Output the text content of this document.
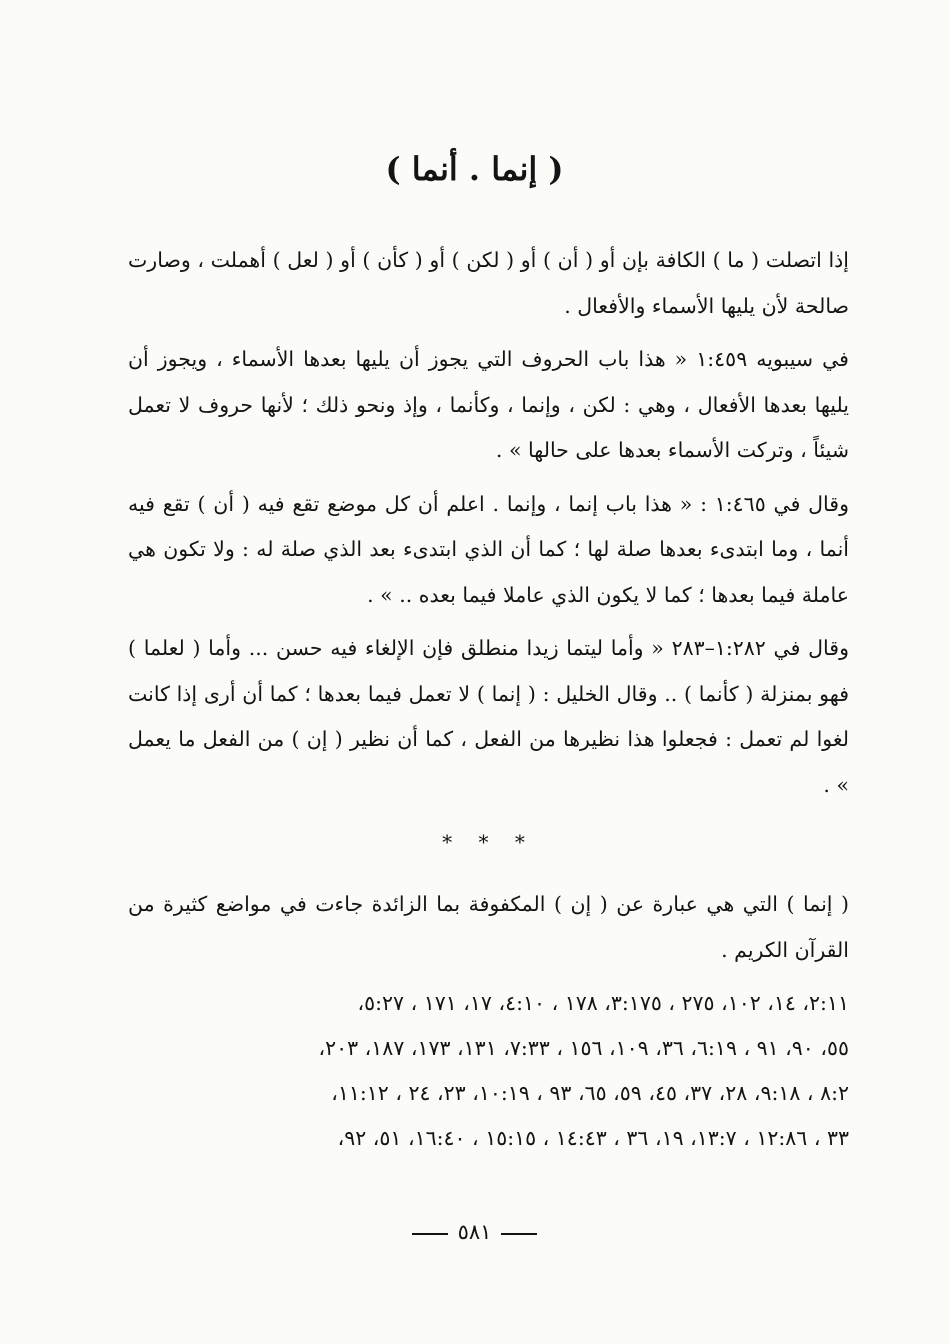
( إنما . أنما )

إذا اتصلت ( ما ) الكافة بإن أو ( أن ) أو ( لكن ) أو ( كأن ) أو ( لعل ) أهملت ، وصارت صالحة لأن يليها الأسماء والأفعال .

في سيبويه ١:٤٥٩ « هذا باب الحروف التي يجوز أن يليها بعدها الأسماء ، ويجوز أن يليها بعدها الأفعال ، وهي : لكن ، وإنما ، وكأنما ، وإذ ونحو ذلك ؛ لأنها حروف لا تعمل شيئاً ، وتركت الأسماء بعدها على حالها » .

وقال في ١:٤٦٥ : « هذا باب إنما ، وإنما . اعلم أن كل موضع تقع فيه ( أن ) تقع فيه أنما ، وما ابتدىء بعدها صلة لها ؛ كما أن الذي ابتدىء بعد الذي صلة له : ولا تكون هي عاملة فيما بعدها ؛ كما لا يكون الذي عاملا فيما بعده .. » .

وقال في ١:٢٨٢–٢٨٣ « وأما ليتما زيدا منطلق فإن الإلغاء فيه حسن ... وأما ( لعلما ) فهو بمنزلة ( كأنما ) .. وقال الخليل : ( إنما ) لا تعمل فيما بعدها ؛ كما أن أرى إذا كانت لغوا لم تعمل : فجعلوا هذا نظيرها من الفعل ، كما أن نظير ( إن ) من الفعل ما يعمل » .

* * *

( إنما ) التي هي عبارة عن ( إن ) المكفوفة بما الزائدة جاءت في مواضع كثيرة من القرآن الكريم .

٢:١١، ١٤، ١٠٢، ٢٧٥ ، ٣:١٧٥، ١٧٨ ، ٤:١٠، ١٧، ١٧١ ، ٥:٢٧،
٥٥، ٩٠، ٩١ ، ٦:١٩، ٣٦، ١٠٩، ١٥٦ ، ٧:٣٣، ١٣١، ١٧٣، ١٨٧، ٢٠٣،
٨:٢ ، ٩:١٨، ٢٨، ٣٧، ٤٥، ٥٩، ٦٥، ٩٣ ، ١٠:١٩، ٢٣، ٢٤ ، ١١:١٢،
٣٣ ، ١٢:٨٦ ، ١٣:٧، ١٩، ٣٦ ، ١٤:٤٣ ، ١٥:١٥ ، ١٦:٤٠، ٥١، ٩٢،
٥٨١
